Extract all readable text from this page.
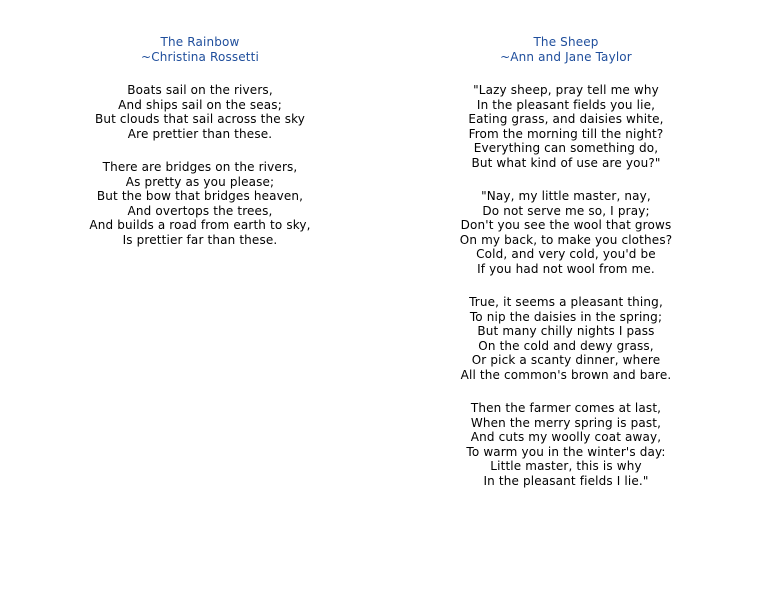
The Rainbow
~Christina Rossetti
Boats sail on the rivers,
And ships sail on the seas;
But clouds that sail across the sky
Are prettier than these.
There are bridges on the rivers,
As pretty as you please;
But the bow that bridges heaven,
And overtops the trees,
And builds a road from earth to sky,
Is prettier far than these.
The Sheep
~Ann and Jane Taylor
"Lazy sheep, pray tell me why
In the pleasant fields you lie,
Eating grass, and daisies white,
From the morning till the night?
Everything can something do,
But what kind of use are you?"
"Nay, my little master, nay,
Do not serve me so, I pray;
Don't you see the wool that grows
On my back, to make you clothes?
Cold, and very cold, you'd be
If you had not wool from me.
True, it seems a pleasant thing,
To nip the daisies in the spring;
But many chilly nights I pass
On the cold and dewy grass,
Or pick a scanty dinner, where
All the common's brown and bare.
Then the farmer comes at last,
When the merry spring is past,
And cuts my woolly coat away,
To warm you in the winter's day:
Little master, this is why
In the pleasant fields I lie."
